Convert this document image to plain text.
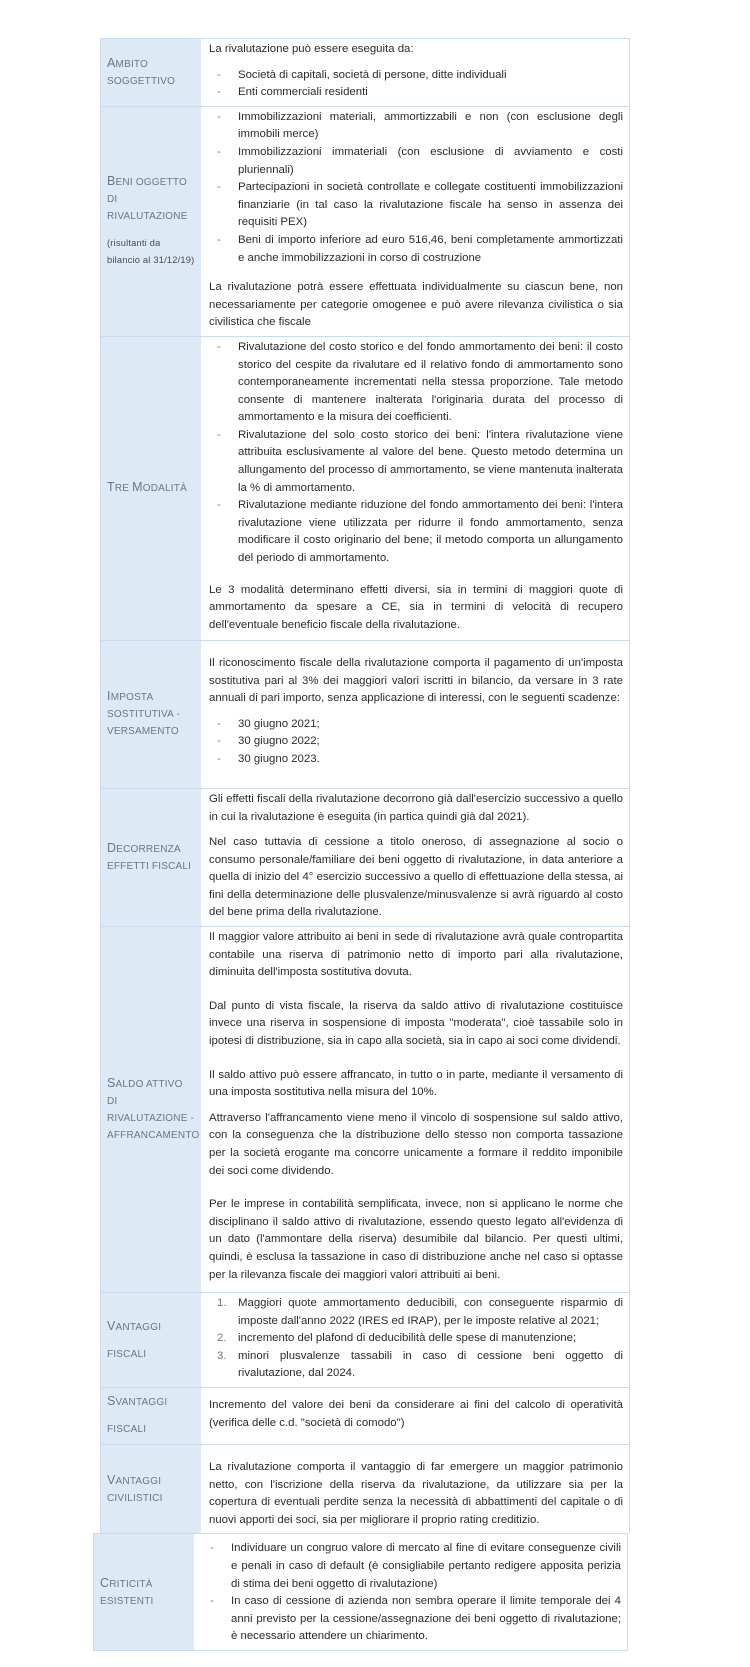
AMBITO
SOGGETTIVO

La rivalutazione può essere eseguita da:

- Società di capitali, società di persone, ditte individuali
- Enti commerciali residenti
BENI OGGETTO DI
RIVALUTAZIONE
(risultanti da
bilancio al 31/12/19)
- Immobilizzazioni materiali, ammortizzabili e non (con esclusione degli immobili merce)
- Immobilizzazioni immateriali (con esclusione di avviamento e costi pluriennali)
- Partecipazioni in società controllate e collegate costituenti immobilizzazioni finanziarie (in tal caso la rivalutazione fiscale ha senso in assenza dei requisiti PEX)
- Beni di importo inferiore ad euro 516,46, beni completamente ammortizzati e anche immobilizzazioni in corso di costruzione

La rivalutazione potrà essere effettuata individualmente su ciascun bene, non necessariamente per categorie omogenee e può avere rilevanza civilistica o sia civilistica che fiscale

TRE MODALITÀ
- Rivalutazione del costo storico e del fondo ammortamento dei beni: il costo storico del cespite da rivalutare ed il relativo fondo di ammortamento sono contemporaneamente incrementati nella stessa proporzione. Tale metodo consente di mantenere inalterata l'originaria durata del processo di ammortamento e la misura dei coefficienti.
- Rivalutazione del solo costo storico dei beni: l'intera rivalutazione viene attribuita esclusivamente al valore del bene. Questo metodo determina un allungamento del processo di ammortamento, se viene mantenuta inalterata la % di ammortamento.
- Rivalutazione mediante riduzione del fondo ammortamento dei beni: l'intera rivalutazione viene utilizzata per ridurre il fondo ammortamento, senza modificare il costo originario del bene; il metodo comporta un allungamento del periodo di ammortamento.

Le 3 modalità determinano effetti diversi, sia in termini di maggiori quote di ammortamento da spesare a CE, sia in termini di velocità di recupero dell'eventuale beneficio fiscale della rivalutazione.

IMPOSTA
SOSTITUTIVA -
VERSAMENTO

Il riconoscimento fiscale della rivalutazione comporta il pagamento di un'imposta sostitutiva pari al 3% dei maggiori valori iscritti in bilancio, da versare in 3 rate annuali di pari importo, senza applicazione di interessi, con le seguenti scadenze:

- 30 giugno 2021;
- 30 giugno 2022;
- 30 giugno 2023.
DECORRENZA
EFFETTI FISCALI

Gli effetti fiscali della rivalutazione decorrono già dall'esercizio successivo a quello in cui la rivalutazione è eseguita (in partica quindi già dal 2021).

Nel caso tuttavia di cessione a titolo oneroso, di assegnazione al socio o consumo personale/familiare dei beni oggetto di rivalutazione, in data anteriore a quella di inizio del 4° esercizio successivo a quello di effettuazione della stessa, ai fini della determinazione delle plusvalenze/minusvalenze si avrà riguardo al costo del bene prima della rivalutazione.

SALDO ATTIVO DI
RIVALUTAZIONE -
AFFRANCAMENTO

Il maggior valore attribuito ai beni in sede di rivalutazione avrà quale contropartita contabile una riserva di patrimonio netto di importo pari alla rivalutazione, diminuita dell'imposta sostitutiva dovuta.

Dal punto di vista fiscale, la riserva da saldo attivo di rivalutazione costituisce invece una riserva in sospensione di imposta "moderata", cioè tassabile solo in ipotesi di distribuzione, sia in capo alla società, sia in capo ai soci come dividendi.

Il saldo attivo può essere affrancato, in tutto o in parte, mediante il versamento di una imposta sostitutiva nella misura del 10%.

Attraverso l'affrancamento viene meno il vincolo di sospensione sul saldo attivo, con la conseguenza che la distribuzione dello stesso non comporta tassazione per la società erogante ma concorre unicamente a formare il reddito imponibile dei soci come dividendo.

Per le imprese in contabilità semplificata, invece, non si applicano le norme che disciplinano il saldo attivo di rivalutazione, essendo questo legato all'evidenza di un dato (l'ammontare della riserva) desumibile dal bilancio. Per questi ultimi, quindi, è esclusa la tassazione in caso di distribuzione anche nel caso si optasse per la rilevanza fiscale dei maggiori valori attribuiti ai beni.

VANTAGGI
FISCALI
1. Maggiori quote ammortamento deducibili, con conseguente risparmio di imposte dall'anno 2022 (IRES ed IRAP), per le imposte relative al 2021;
2. incremento del plafond di deducibilità delle spese di manutenzione;
3. minori plusvalenze tassabili in caso di cessione beni oggetto di rivalutazione, dal 2024.
SVANTAGGI
FISCALI

Incremento del valore dei beni da considerare ai fini del calcolo di operatività (verifica delle c.d. "società di comodo")

VANTAGGI
CIVILISTICI

La rivalutazione comporta il vantaggio di far emergere un maggior patrimonio netto, con l'iscrizione della riserva da rivalutazione, da utilizzare sia per la copertura di eventuali perdite senza la necessità di abbattimenti del capitale o di nuovi apporti dei soci, sia per migliorare il proprio rating creditizio.

CRITICITÀ
ESISTENTI
- Individuare un congruo valore di mercato al fine di evitare conseguenze civili e penali in caso di default (è consigliabile pertanto redigere apposita perizia di stima dei beni oggetto di rivalutazione)
- In caso di cessione di azienda non sembra operare il limite temporale dei 4 anni previsto per la cessione/assegnazione dei beni oggetto di rivalutazione; è necessario attendere un chiarimento.
